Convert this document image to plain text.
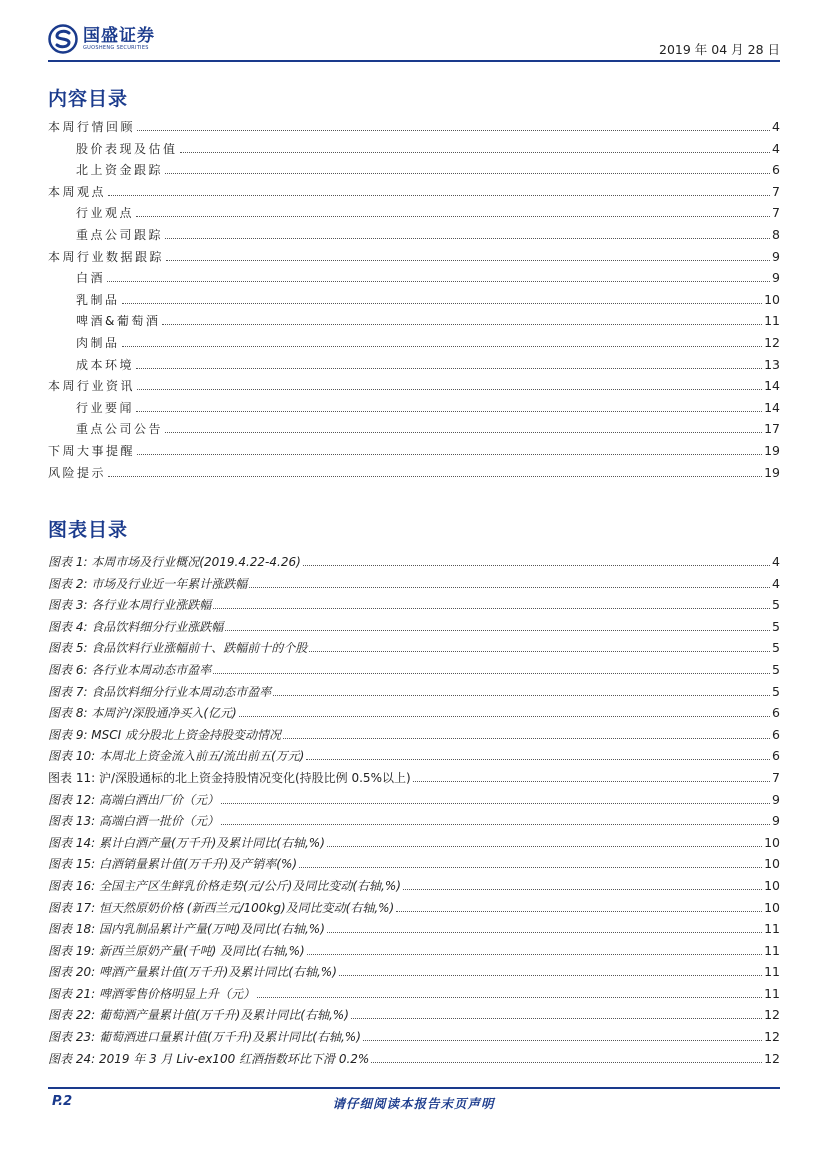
国盛证券
GUOSHENG SECURITIES	2019 年 04 月 28 日
内容目录
本周行情回顾	4
股价表现及估值	4
北上资金跟踪	6
本周观点	7
行业观点	7
重点公司跟踪	8
本周行业数据跟踪	9
白酒	9
乳制品	10
啤酒&葡萄酒	11
肉制品	12
成本环境	13
本周行业资讯	14
行业要闻	14
重点公司公告	17
下周大事提醒	19
风险提示	19
图表目录
图表 1: 本周市场及行业概况(2019.4.22-4.26)	4
图表 2: 市场及行业近一年累计涨跌幅	4
图表 3: 各行业本周行业涨跌幅	5
图表 4: 食品饮料细分行业涨跌幅	5
图表 5: 食品饮料行业涨幅前十、跌幅前十的个股	5
图表 6: 各行业本周动态市盈率	5
图表 7: 食品饮料细分行业本周动态市盈率	5
图表 8: 本周沪/深股通净买入(亿元)	6
图表 9: MSCI 成分股北上资金持股变动情况	6
图表 10: 本周北上资金流入前五/流出前五(万元)	6
图表 11: 沪/深股通标的北上资金持股情况变化(持股比例 0.5%以上)	7
图表 12: 高端白酒出厂价（元）	9
图表 13: 高端白酒一批价（元）	9
图表 14: 累计白酒产量(万千升)及累计同比(右轴,%)	10
图表 15: 白酒销量累计值(万千升)及产销率(%)	10
图表 16: 全国主产区生鲜乳价格走势(元/公斤)及同比变动(右轴,%)	10
图表 17: 恒天然原奶价格 (新西兰元/100kg)及同比变动(右轴,%)	10
图表 18: 国内乳制品累计产量(万吨)及同比(右轴,%)	11
图表 19: 新西兰原奶产量(千吨) 及同比(右轴,%)	11
图表 20: 啤酒产量累计值(万千升)及累计同比(右轴,%)	11
图表 21: 啤酒零售价格明显上升（元）	11
图表 22: 葡萄酒产量累计值(万千升)及累计同比(右轴,%)	12
图表 23: 葡萄酒进口量累计值(万千升)及累计同比(右轴,%)	12
图表 24: 2019 年 3 月 Liv-ex100 红酒指数环比下滑 0.2%	12
P.2	请仔细阅读本报告末页声明
